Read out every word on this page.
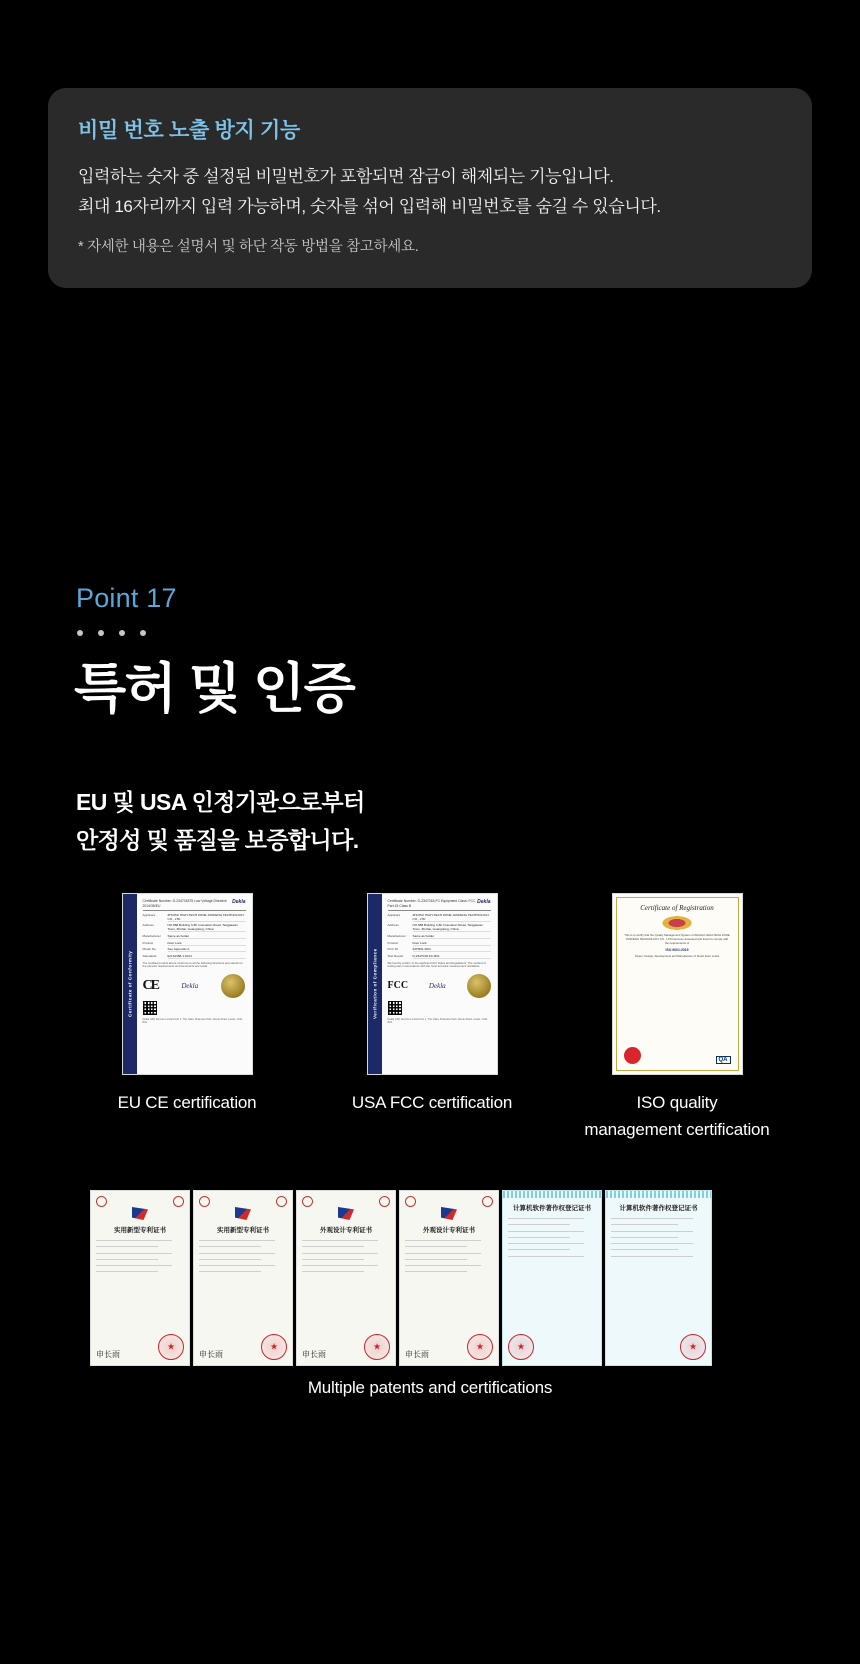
비밀 번호 노출 방지 기능
입력하는 숫자 중 설정된 비밀번호가 포함되면 잠금이 해제되는 기능입니다.
최대 16자리까지 입력 가능하며, 숫자를 섞어 입력해 비밀번호를 숨길 수 있습니다.
* 자세한 내용은 설명서 및 하단 작동 방법을 참고하세요.
Point 17
특허 및 인증
EU 및 USA 인정기관으로부터
안정성 및 품질을 보증합니다.
Certificate of Conformity
Certificate Number: D-234701875 Low Voltage Directive 2014/35/EU
Dekla
Applicant	ZHUHAI HIGH-TECH ZONE JUNFENG TECHNOLOGY CO., LTD
Address	NO.888 Building 3-8F Innovation Road, Tangjiawan Town, Zhuhai, Guangdong, China
Manufacturer	Same as holder
Product	Door Lock
Model No.	See Appendix A
Standards	EN 62368-1:2014
The certified product above conforms to all the following directives and stands for the relevant requirements and documents test result.
CE	Dekla
Dekla (UK) Service Limited Unit 1, The Oaks, Business Park, Revie Road, Leeds, LS11 8JG
EU CE certification
Verification of Compliance
Certificate Number: D-2347018-FC Equipment Class: FCC Part 15 Class B
Dekla
Applicant	ZHUHAI HIGH-TECH ZONE JUNFENG TECHNOLOGY CO., LTD
Address	NO.888 Building 3-8F Innovation Road, Tangjiawan Town, Zhuhai, Guangdong, China
Manufacturer	Same as holder
Product	Door Lock
FCC ID	2ATRW-JF01
Test Report	D-2347018-FC-R01
We hereby confirm to the applicant FCC Rules and Regulations. The method of testing was in accordance with the most accurate measurement standards.
FCC	Dekla
Dekla (UK) Service Limited Unit 1, The Oaks, Business Park, Revie Road, Leeds, LS11 8JG
USA FCC certification
Certificate of Registration
This is to certify that the Quality Management System of ZHUHAI HIGH-TECH ZONE JUNFENG TECHNOLOGY CO., LTD has been assessed and found to comply with the requirements of
ISO 9001:2015
Scope: Design, Development and Manufacture of Smart Door Locks
QA
ISO quality
management certification
实用新型专利证书
申长雨
★
实用新型专利证书
申长雨
★
外观设计专利证书
申长雨
★
外观设计专利证书
申长雨
★
计算机软件著作权登记证书
★	计算机软件著作权登记证书
★
Multiple patents and certifications
